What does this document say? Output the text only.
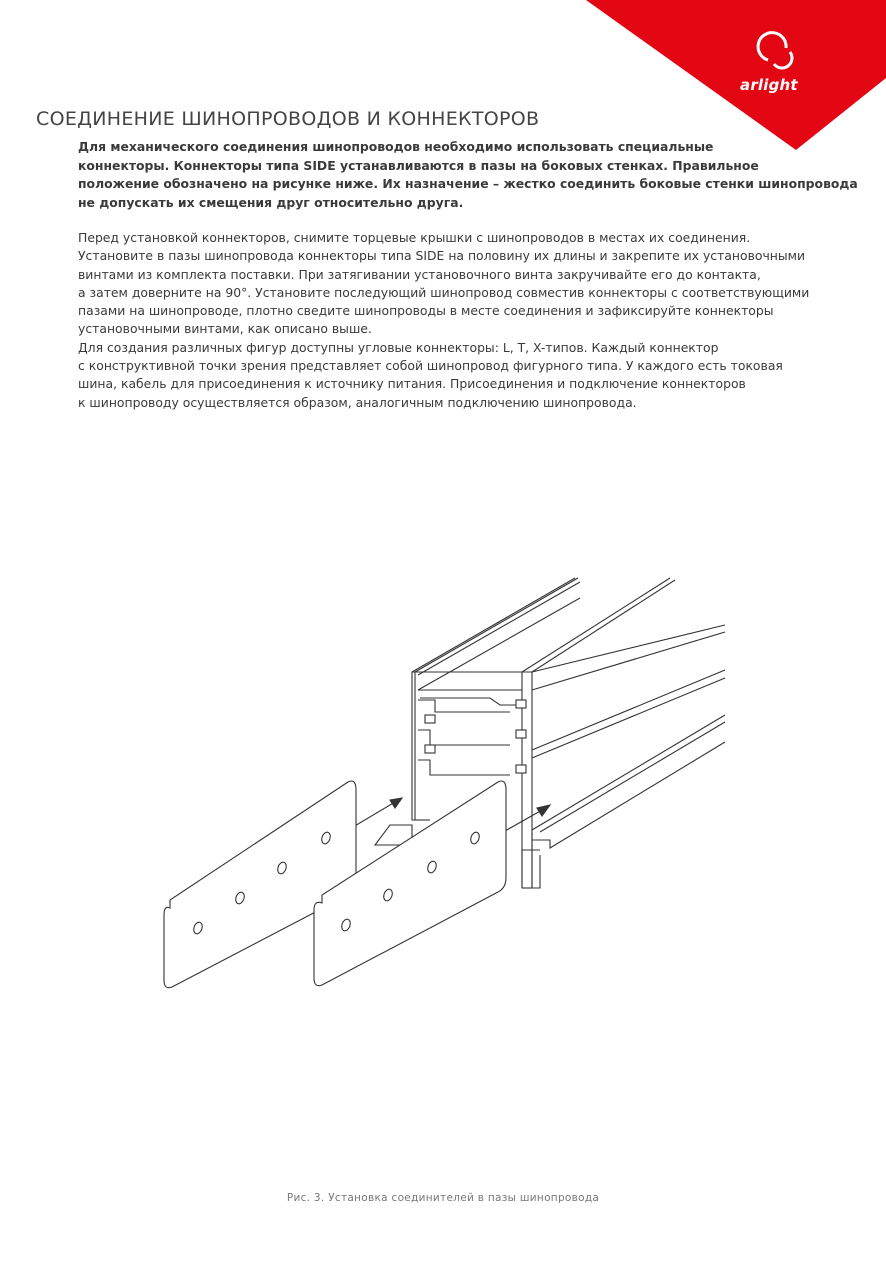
arlight
СОЕДИНЕНИЕ ШИНОПРОВОДОВ И КОННЕКТОРОВ
Для механического соединения шинопроводов необходимо использовать специальные
коннекторы. Коннекторы типа SIDE устанавливаются в пазы на боковых стенках. Правильное
положение обозначено на рисунке ниже. Их назначение – жестко соединить боковые стенки шинопровода
не допускать их смещения друг относительно друга.
Перед установкой коннекторов, снимите торцевые крышки с шинопроводов в местах их соединения.
Установите в пазы шинопровода коннекторы типа SIDE на половину их длины и закрепите их установочными
винтами из комплекта поставки. При затягивании установочного винта закручивайте его до контакта,
а затем доверните на 90°. Установите последующий шинопровод совместив коннекторы с соответствующими
пазами на шинопроводе, плотно сведите шинопроводы в месте соединения и зафиксируйте коннекторы
установочными винтами, как описано выше.
Для создания различных фигур доступны угловые коннекторы: L, T, X-типов. Каждый коннектор
с конструктивной точки зрения представляет собой шинопровод фигурного типа. У каждого есть токовая
шина, кабель для присоединения к источнику питания. Присоединения и подключение коннекторов
к шинопроводу осуществляется образом, аналогичным подключению шинопровода.
Рис. 3. Установка соединителей в пазы шинопровода
